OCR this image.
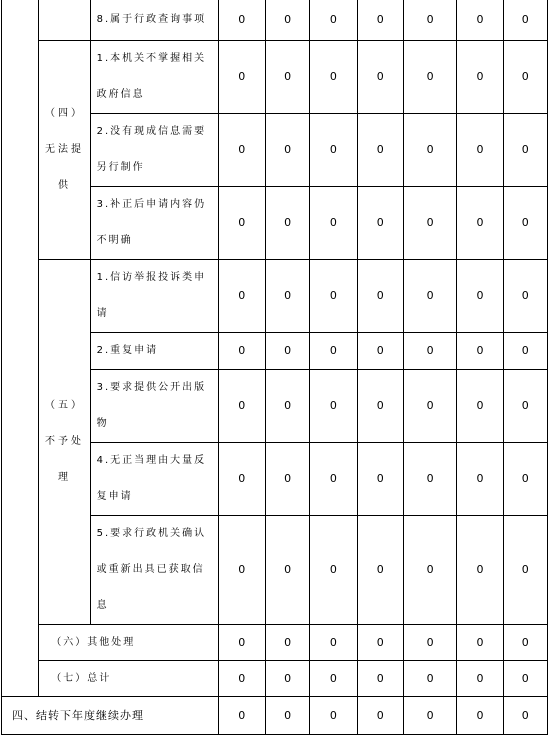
		8.属于行政查询事项	0	0	0	0	0	0	0
	（四）无法提供	1.本机关不掌握相关政府信息	0	0	0	0	0	0	0
		2.没有现成信息需要另行制作	0	0	0	0	0	0	0
		3.补正后申请内容仍不明确	0	0	0	0	0	0	0
	（五）不予处理	1.信访举报投诉类申请	0	0	0	0	0	0	0
		2.重复申请	0	0	0	0	0	0	0
		3.要求提供公开出版物	0	0	0	0	0	0	0
		4.无正当理由大量反复申请	0	0	0	0	0	0	0
		5.要求行政机关确认或重新出具已获取信息	0	0	0	0	0	0	0
	（六）其他处理		0	0	0	0	0	0	0
	（七）总计		0	0	0	0	0	0	0
四、结转下年度继续办理			0	0	0	0	0	0	0
